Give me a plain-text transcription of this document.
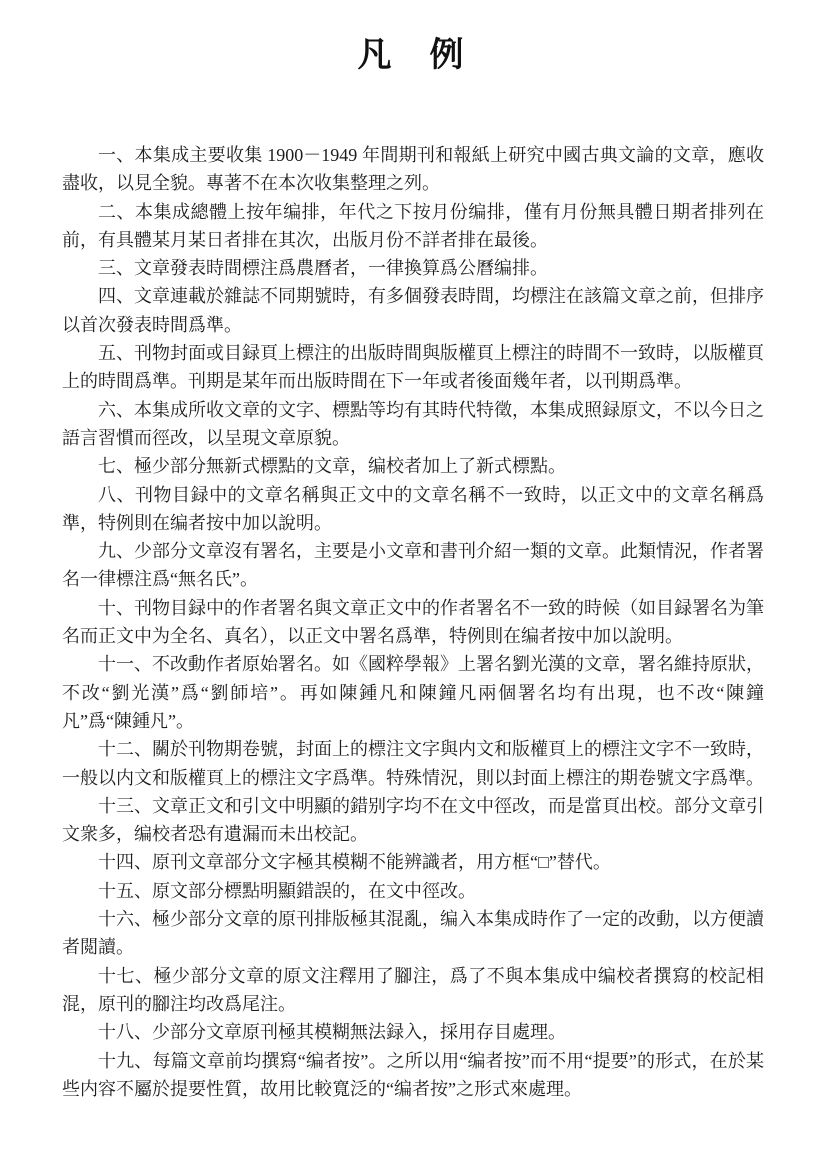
凡　例

一、本集成主要收集 1900－1949 年間期刊和報紙上研究中國古典文論的文章，應收盡收，以見全貌。專著不在本次收集整理之列。

二、本集成總體上按年编排，年代之下按月份编排，僅有月份無具體日期者排列在前，有具體某月某日者排在其次，出版月份不詳者排在最後。

三、文章發表時間標注爲農曆者，一律換算爲公曆编排。

四、文章連載於雜誌不同期號時，有多個發表時間，均標注在該篇文章之前，但排序以首次發表時間爲準。

五、刊物封面或目録頁上標注的出版時間與版權頁上標注的時間不一致時，以版權頁上的時間爲準。刊期是某年而出版時間在下一年或者後面幾年者，以刊期爲準。

六、本集成所收文章的文字、標點等均有其時代特徵，本集成照録原文，不以今日之語言習慣而徑改，以呈現文章原貌。

七、極少部分無新式標點的文章，编校者加上了新式標點。

八、刊物目録中的文章名稱與正文中的文章名稱不一致時，以正文中的文章名稱爲準，特例則在编者按中加以說明。

九、少部分文章沒有署名，主要是小文章和書刊介紹一類的文章。此類情況，作者署名一律標注爲“無名氏”。

十、刊物目録中的作者署名與文章正文中的作者署名不一致的時候（如目録署名为筆名而正文中为全名、真名），以正文中署名爲準，特例則在编者按中加以說明。

十一、不改動作者原始署名。如《國粹學報》上署名劉光漢的文章，署名維持原狀，不改“劉光漢”爲“劉師培”。再如陳鍾凡和陳鐘凡兩個署名均有出現，也不改“陳鐘凡”爲“陳鍾凡”。

十二、關於刊物期卷號，封面上的標注文字與内文和版權頁上的標注文字不一致時，一般以内文和版權頁上的標注文字爲準。特殊情況，則以封面上標注的期卷號文字爲準。

十三、文章正文和引文中明顯的錯别字均不在文中徑改，而是當頁出校。部分文章引文衆多，编校者恐有遺漏而未出校記。

十四、原刊文章部分文字極其模糊不能辨識者，用方框“□”替代。

十五、原文部分標點明顯錯誤的，在文中徑改。

十六、極少部分文章的原刊排版極其混亂，编入本集成時作了一定的改動，以方便讀者閲讀。

十七、極少部分文章的原文注釋用了腳注，爲了不與本集成中编校者撰寫的校記相混，原刊的腳注均改爲尾注。

十八、少部分文章原刊極其模糊無法録入，採用存目處理。

十九、每篇文章前均撰寫“编者按”。之所以用“编者按”而不用“提要”的形式，在於某些内容不屬於提要性質，故用比較寬泛的“编者按”之形式來處理。
